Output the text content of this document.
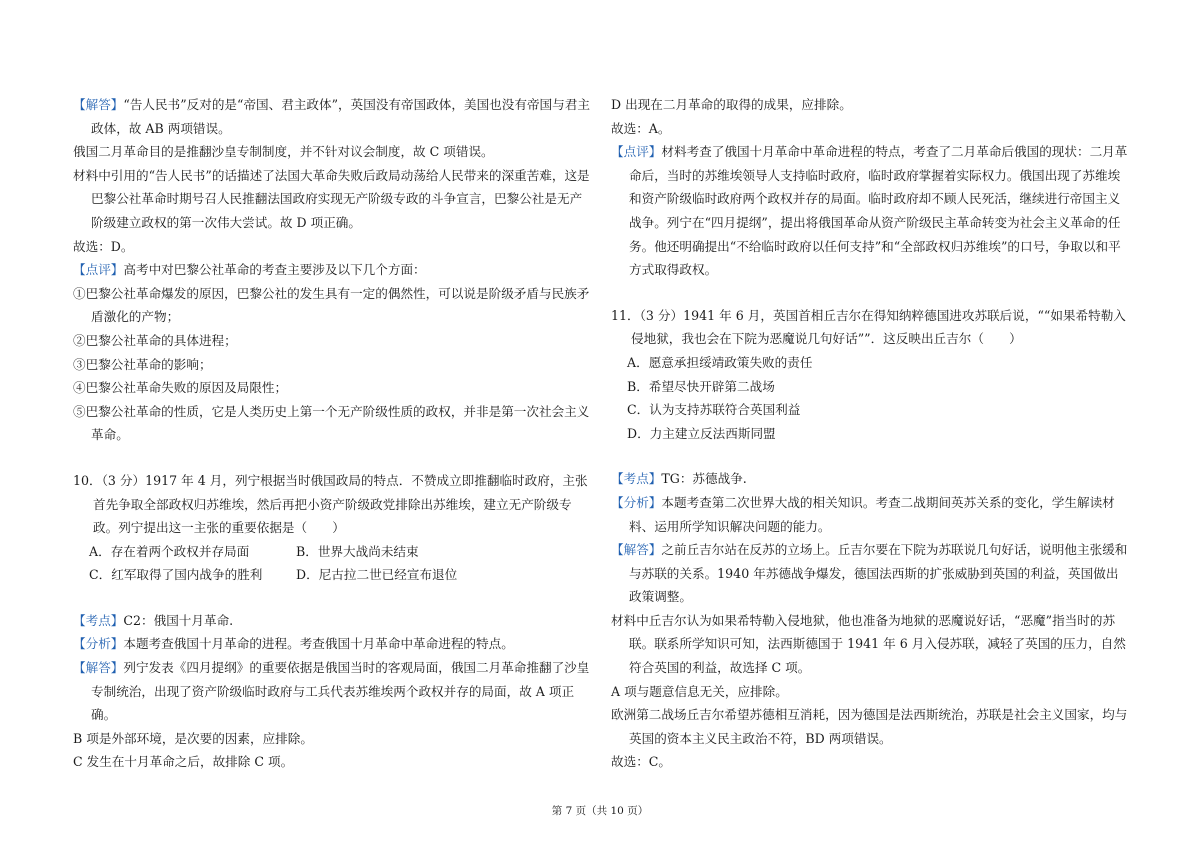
【解答】“告人民书”反对的是“帝国、君主政体”，英国没有帝国政体，美国也没有帝国与君主政体，故 AB 两项错误。

俄国二月革命目的是推翻沙皇专制制度，并不针对议会制度，故 C 项错误。

材料中引用的“告人民书”的话描述了法国大革命失败后政局动荡给人民带来的深重苦难，这是巴黎公社革命时期号召人民推翻法国政府实现无产阶级专政的斗争宣言，巴黎公社是无产阶级建立政权的第一次伟大尝试。故 D 项正确。

故选：D。

【点评】高考中对巴黎公社革命的考查主要涉及以下几个方面：

①巴黎公社革命爆发的原因，巴黎公社的发生具有一定的偶然性，可以说是阶级矛盾与民族矛盾激化的产物；

②巴黎公社革命的具体进程；

③巴黎公社革命的影响；

④巴黎公社革命失败的原因及局限性；

⑤巴黎公社革命的性质，它是人类历史上第一个无产阶级性质的政权，并非是第一次社会主义革命。

10．（3 分）1917 年 4 月，列宁根据当时俄国政局的特点．不赞成立即推翻临时政府，主张首先争取全部政权归苏维埃，然后再把小资产阶级政党排除出苏维埃，建立无产阶级专政。列宁提出这一主张的重要依据是（　　）

A．存在着两个政权并存局面	B．世界大战尚未结束
C．红军取得了国内战争的胜利	D．尼古拉二世已经宣布退位

【考点】C2：俄国十月革命.

【分析】本题考查俄国十月革命的进程。考查俄国十月革命中革命进程的特点。

【解答】列宁发表《四月提纲》的重要依据是俄国当时的客观局面，俄国二月革命推翻了沙皇专制统治，出现了资产阶级临时政府与工兵代表苏维埃两个政权并存的局面，故 A 项正确。

B 项是外部环境，是次要的因素，应排除。

C 发生在十月革命之后，故排除 C 项。

D 出现在二月革命的取得的成果，应排除。

故选：A。

【点评】材料考查了俄国十月革命中革命进程的特点，考查了二月革命后俄国的现状：二月革命后，当时的苏维埃领导人支持临时政府，临时政府掌握着实际权力。俄国出现了苏维埃和资产阶级临时政府两个政权并存的局面。临时政府却不顾人民死活，继续进行帝国主义战争。列宁在“四月提纲”，提出将俄国革命从资产阶级民主革命转变为社会主义革命的任务。他还明确提出“不给临时政府以任何支持”和“全部政权归苏维埃”的口号，争取以和平方式取得政权。

11．（3 分）1941 年 6 月，英国首相丘吉尔在得知纳粹德国进攻苏联后说，““如果希特勒入侵地狱，我也会在下院为恶魔说几句好话””．这反映出丘吉尔（　　）

A．愿意承担绥靖政策失败的责任

B．希望尽快开辟第二战场

C．认为支持苏联符合英国利益

D．力主建立反法西斯同盟

【考点】TG：苏德战争.

【分析】本题考查第二次世界大战的相关知识。考查二战期间英苏关系的变化，学生解读材料、运用所学知识解决问题的能力。

【解答】之前丘吉尔站在反苏的立场上。丘吉尔要在下院为苏联说几句好话，说明他主张缓和与苏联的关系。1940 年苏德战争爆发，德国法西斯的扩张威胁到英国的利益，英国做出政策调整。

材料中丘吉尔认为如果希特勒入侵地狱，他也准备为地狱的恶魔说好话，“恶魔”指当时的苏联。联系所学知识可知，法西斯德国于 1941 年 6 月入侵苏联，减轻了英国的压力，自然符合英国的利益，故选择 C 项。

A 项与题意信息无关，应排除。

欧洲第二战场丘吉尔希望苏德相互消耗，因为德国是法西斯统治，苏联是社会主义国家，均与英国的资本主义民主政治不符，BD 两项错误。

故选：C。

第 7 页（共 10 页）
